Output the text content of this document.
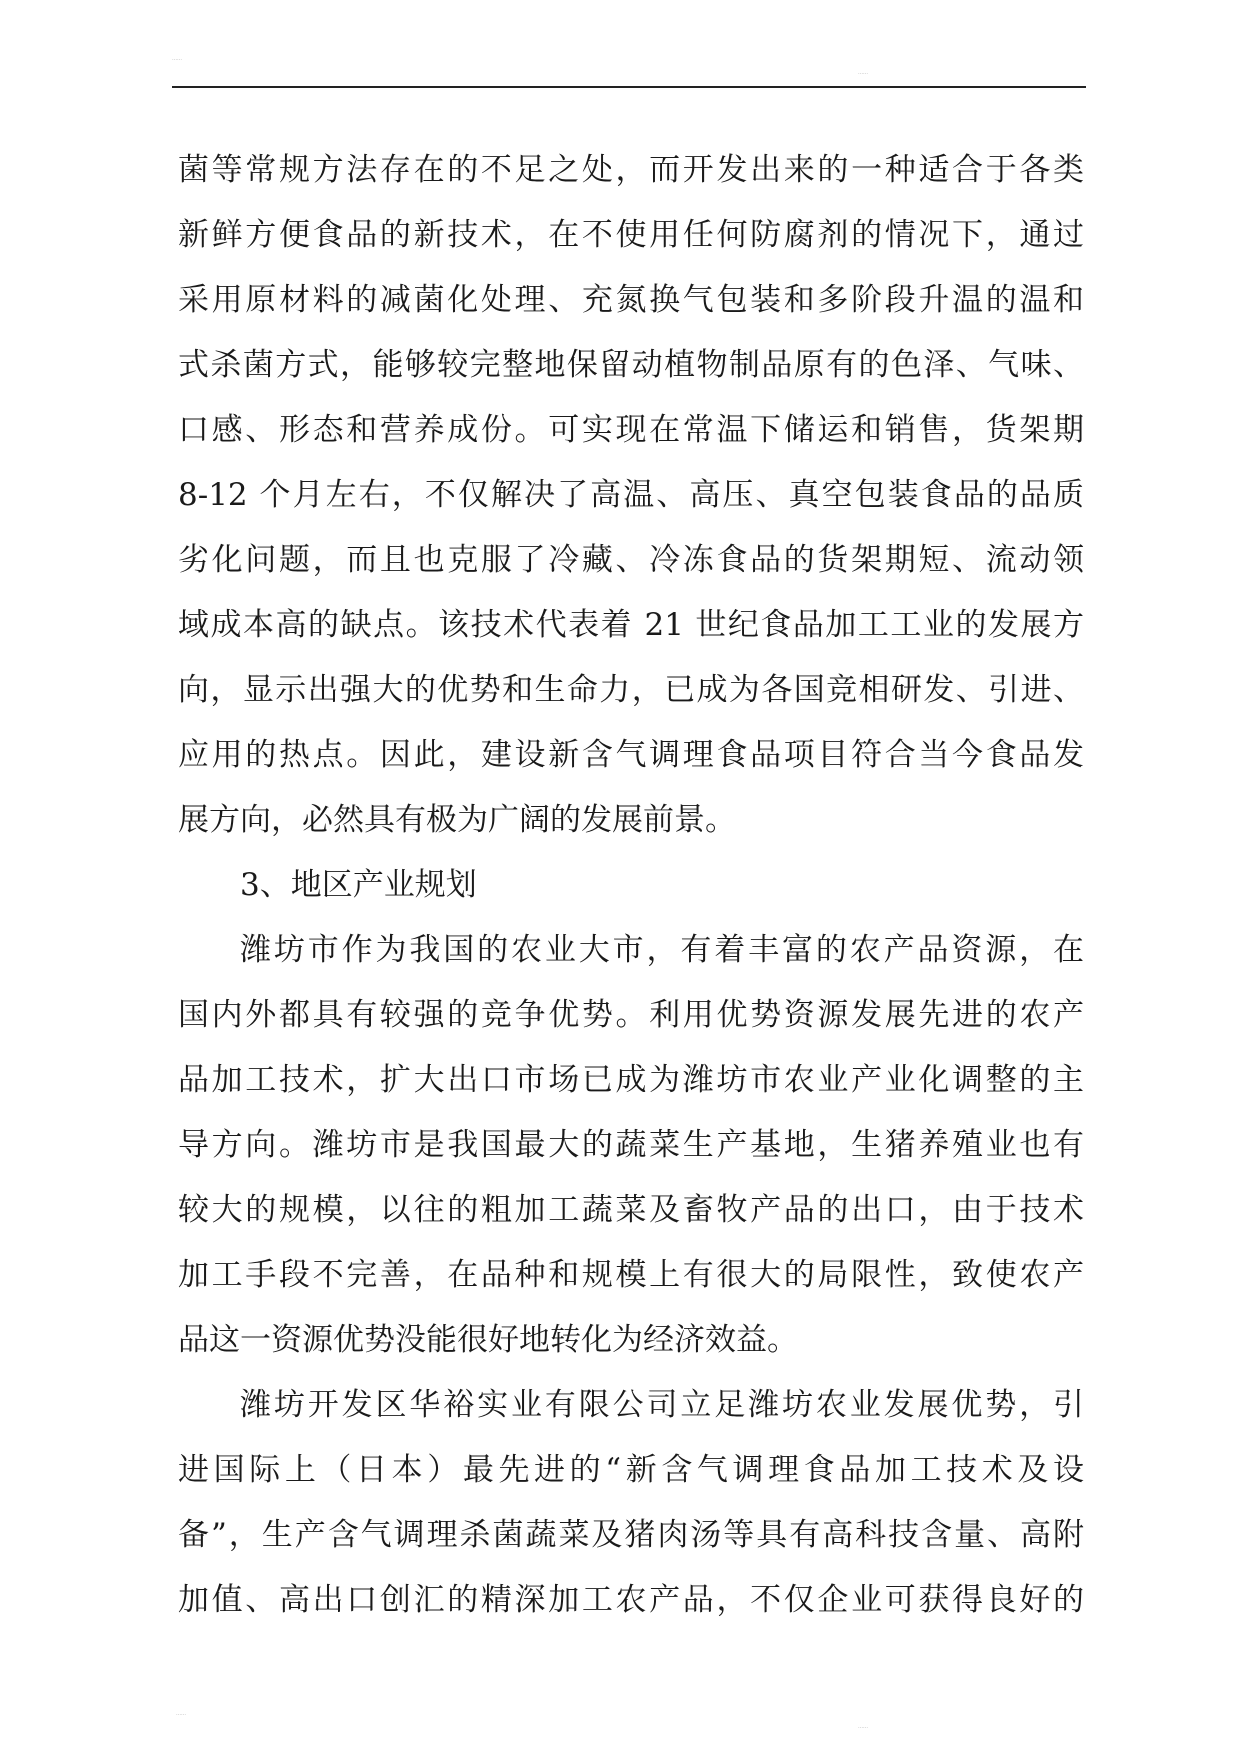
......
......
菌等常规方法存在的不足之处，而开发出来的一种适合于各类
新鲜方便食品的新技术，在不使用任何防腐剂的情况下，通过
采用原材料的减菌化处理、充氮换气包装和多阶段升温的温和
式杀菌方式，能够较完整地保留动植物制品原有的色泽、气味、
口感、形态和营养成份。可实现在常温下储运和销售，货架期
8-12 个月左右，不仅解决了高温、高压、真空包装食品的品质
劣化问题，而且也克服了冷藏、冷冻食品的货架期短、流动领
域成本高的缺点。该技术代表着 21 世纪食品加工工业的发展方
向，显示出强大的优势和生命力，已成为各国竞相研发、引进、
应用的热点。因此，建设新含气调理食品项目符合当今食品发
展方向，必然具有极为广阔的发展前景。
3、地区产业规划
潍坊市作为我国的农业大市，有着丰富的农产品资源，在
国内外都具有较强的竞争优势。利用优势资源发展先进的农产
品加工技术，扩大出口市场已成为潍坊市农业产业化调整的主
导方向。潍坊市是我国最大的蔬菜生产基地，生猪养殖业也有
较大的规模，以往的粗加工蔬菜及畜牧产品的出口，由于技术
加工手段不完善，在品种和规模上有很大的局限性，致使农产
品这一资源优势没能很好地转化为经济效益。
潍坊开发区华裕实业有限公司立足潍坊农业发展优势，引
进国际上（日本）最先进的“新含气调理食品加工技术及设
备”，生产含气调理杀菌蔬菜及猪肉汤等具有高科技含量、高附
加值、高出口创汇的精深加工农产品，不仅企业可获得良好的
......
......
